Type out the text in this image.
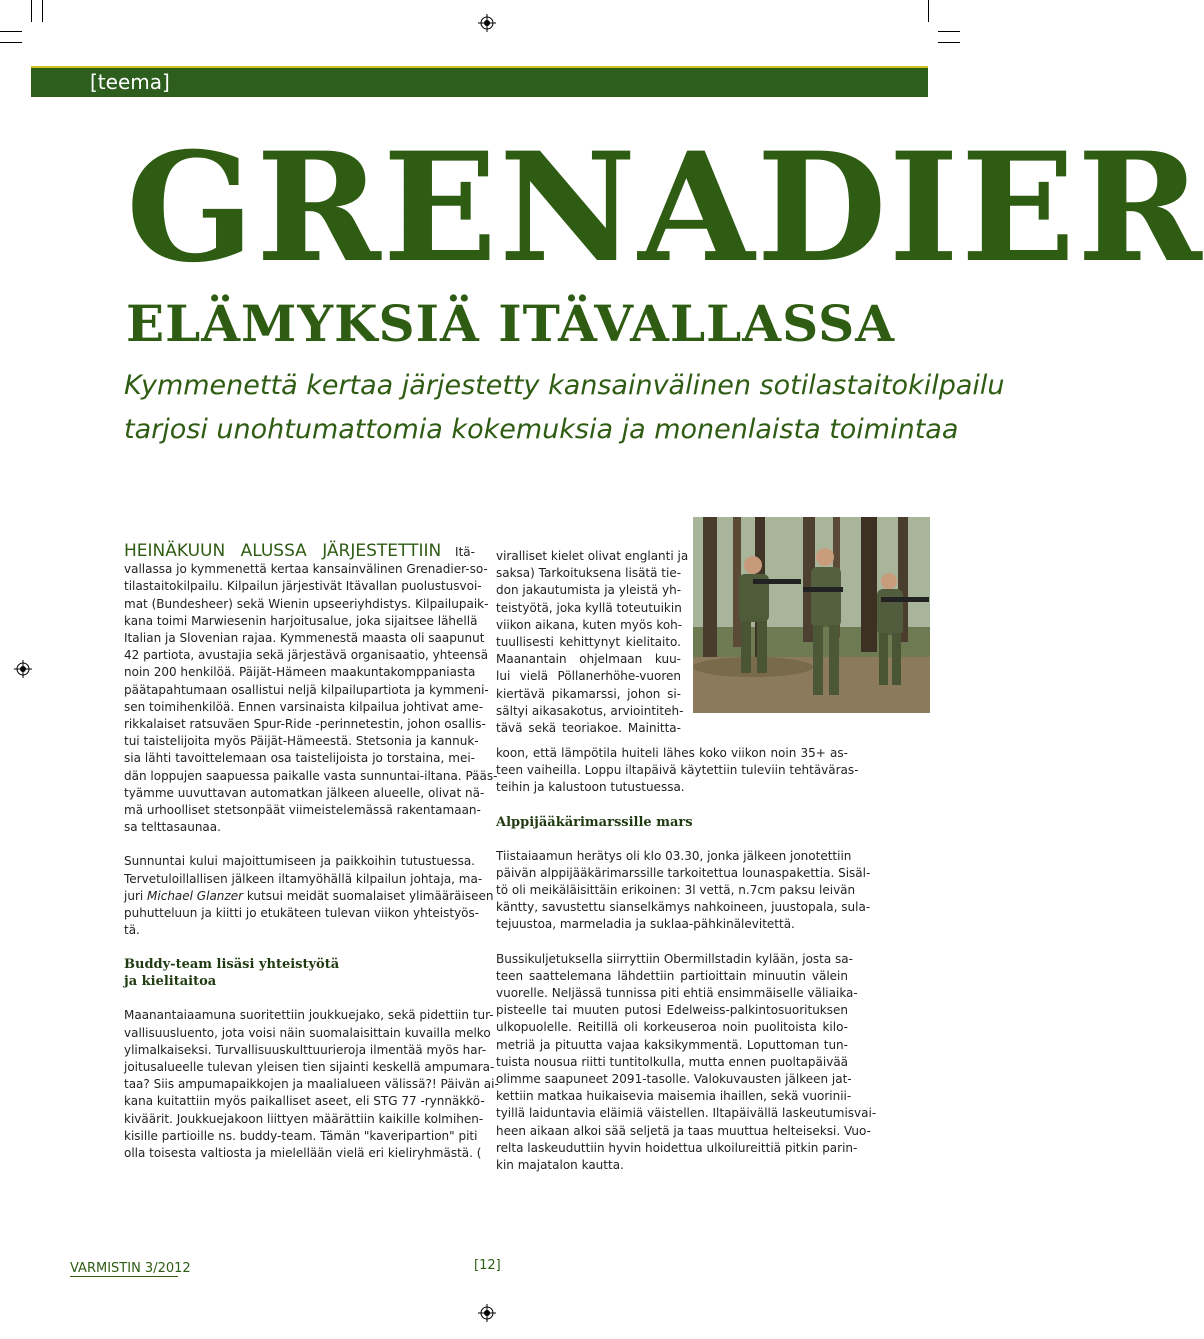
[teema]
GRENADIER
ELÄMYKSIÄ ITÄVALLASSA
Kymmenettä kertaa järjestetty kansainvälinen sotilastaitokilpailu
tarjosi unohtumattomia kokemuksia ja monenlaista toimintaa

HEINÄKUUN ALUSSA JÄRJESTETTIIN Itä-
vallassa jo kymmenettä kertaa kansainvälinen Grenadier-so-
tilastaitokilpailu. Kilpailun järjestivät Itävallan puolustusvoi-
mat (Bundesheer) sekä Wienin upseeriyhdistys. Kilpailupaik-
kana toimi Marwiesenin harjoitusalue, joka sijaitsee lähellä
Italian ja Slovenian rajaa. Kymmenestä maasta oli saapunut
42 partiota, avustajia sekä järjestävä organisaatio, yhteensä
noin 200 henkilöä. Päijät-Hämeen maakuntakomppaniasta
päätapahtumaan osallistui neljä kilpailupartiota ja kymmeni-
sen toimihenkilöä. Ennen varsinaista kilpailua johtivat ame-
rikkalaiset ratsuväen Spur-Ride -perinnetestin, johon osallis-
tui taistelijoita myös Päijät-Hämeestä. Stetsonia ja kannuk-
sia lähti tavoittelemaan osa taistelijoista jo torstaina, mei-
dän loppujen saapuessa paikalle vasta sunnuntai-iltana. Pääs-
tyämme uuvuttavan automatkan jälkeen alueelle, olivat nä-
mä urhoolliset stetsonpäät viimeistelemässä rakentamaan-
sa telttasaunaa.

Sunnuntai kului majoittumiseen ja paikkoihin tutustuessa.
Tervetuloillallisen jälkeen iltamyöhällä kilpailun johtaja, ma-
juri Michael Glanzer kutsui meidät suomalaiset ylimääräiseen
puhutteluun ja kiitti jo etukäteen tulevan viikon yhteistyös-
tä.

Buddy-team lisäsi yhteistyötä
ja kielitaitoa

Maanantaiaamuna suoritettiin joukkuejako, sekä pidettiin tur-
vallisuusluento, jota voisi näin suomalaisittain kuvailla melko
ylimalkaiseksi. Turvallisuuskulttuurieroja ilmentää myös har-
joitusalueelle tulevan yleisen tien sijainti keskellä ampumara-
taa? Siis ampumapaikkojen ja maalialueen välissä?! Päivän ai-
kana kuitattiin myös paikalliset aseet, eli STG 77 -rynnäkkö-
kiväärit. Joukkuejakoon liittyen määrättiin kaikille kolmihen-
kisille partioille ns. buddy-team. Tämän "kaveripartion" piti
olla toisesta valtiosta ja mielellään vielä eri kieliryhmästä. (

viralliset kielet olivat englanti ja
saksa) Tarkoituksena lisätä tie-
don jakautumista ja yleistä yh-
teistyötä, joka kyllä toteutuikin
viikon aikana, kuten myös koh-
tuullisesti kehittynyt kielitaito.
Maanantain ohjelmaan kuu-
lui vielä Pöllanerhöhe-vuoren
kiertävä pikamarssi, johon si-
sältyi aikasakotus, arviointiteh-
tävä sekä teoriakoe. Mainitta-

koon, että lämpötila huiteli lähes koko viikon noin 35+ as-
teen vaiheilla. Loppu iltapäivä käytettiin tuleviin tehtäväras-
teihin ja kalustoon tutustuessa.

Alppijääkärimarssille mars

Tiistaiaamun herätys oli klo 03.30, jonka jälkeen jonotettiin
päivän alppijääkärimarssille tarkoitettua lounaspakettia. Sisäl-
tö oli meikäläisittäin erikoinen: 3l vettä, n.7cm paksu leivän
käntty, savustettu sianselkämys nahkoineen, juustopala, sula-
tejuustoa, marmeladia ja suklaa-pähkinälevitettä.

Bussikuljetuksella siirryttiin Obermillstadin kylään, josta sa-
teen saattelemana lähdettiin partioittain minuutin välein
vuorelle. Neljässä tunnissa piti ehtiä ensimmäiselle väliaika-
pisteelle tai muuten putosi Edelweiss-palkintosuorituksen
ulkopuolelle. Reitillä oli korkeuseroa noin puolitoista kilo-
metriä ja pituutta vajaa kaksikymmentä. Loputtoman tun-
tuista nousua riitti tuntitolkulla, mutta ennen puoltapäivää
olimme saapuneet 2091-tasolle. Valokuvausten jälkeen jat-
kettiin matkaa huikaisevia maisemia ihaillen, sekä vuorinii-
tyillä laiduntavia eläimiä väistellen. Iltapäivällä laskeutumisvai-
heen aikaan alkoi sää seljetä ja taas muuttua helteiseksi. Vuo-
relta laskeuduttiin hyvin hoidettua ulkoilureittiä pitkin parin-
kin majatalon kautta.

VARMISTIN 3/2012	[12]
